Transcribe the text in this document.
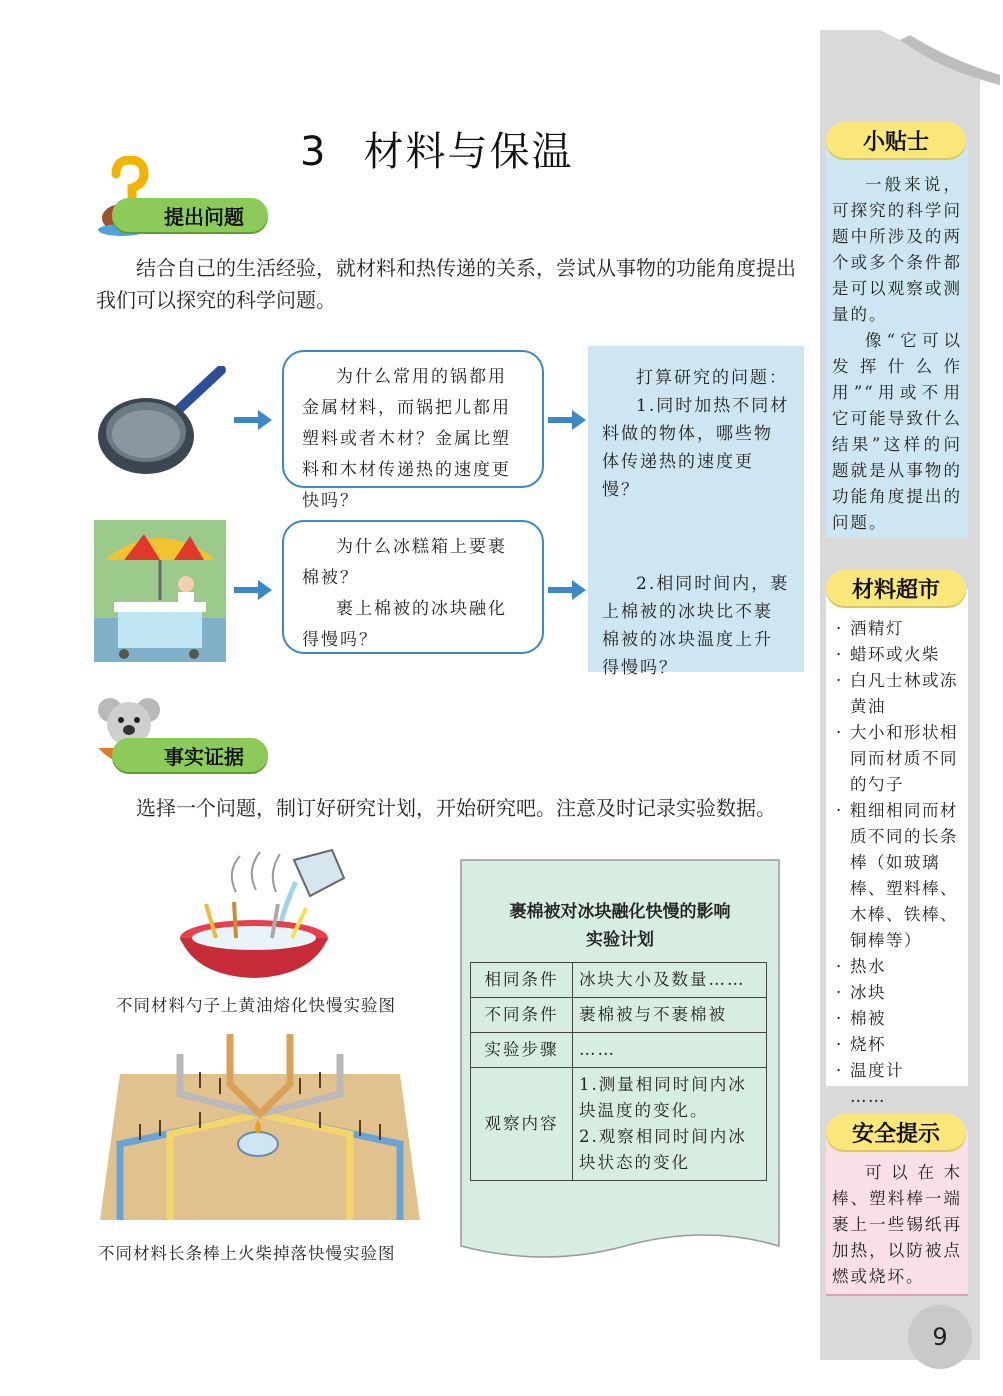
一般来说，可探究的科学问题中所涉及的两个或多个条件都是可以观察或测量的。

像“它可以发挥什么作用”“用或不用它可能导致什么结果”这样的问题就是从事物的功能角度提出的问题。

小贴士
· 酒精灯
· 蜡环或火柴
· 白凡士林或冻黄油
· 大小和形状相同而材质不同的勺子
· 粗细相同而材质不同的长条棒（如玻璃棒、塑料棒、木棒、铁棒、铜棒等）
· 热水
· 冰块
· 棉被
· 烧杯
· 温度计
……
材料超市

可以在木棒、塑料棒一端裹上一些锡纸再加热，以防被点燃或烧坏。

安全提示
9
3 材料与保温
提出问题
结合自己的生活经验，就材料和热传递的关系，尝试从事物的功能角度提出我们可以探究的科学问题。

为什么常用的锅都用金属材料，而锅把儿都用塑料或者木材？金属比塑料和木材传递热的速度更快吗？

为什么冰糕箱上要裹棉被？

裹上棉被的冰块融化得慢吗？

打算研究的问题：

1.同时加热不同材料做的物体，哪些物体传递热的速度更慢？

2.相同时间内，裹上棉被的冰块比不裹棉被的冰块温度上升得慢吗？

事实证据
选择一个问题，制订好研究计划，开始研究吧。注意及时记录实验数据。
不同材料勺子上黄油熔化快慢实验图
不同材料长条棒上火柴掉落快慢实验图
裹棉被对冰块融化快慢的影响
实验计划
相同条件	冰块大小及数量……
不同条件	裹棉被与不裹棉被
实验步骤	……
观察内容	1.测量相同时间内冰块温度的变化。
2.观察相同时间内冰块状态的变化
